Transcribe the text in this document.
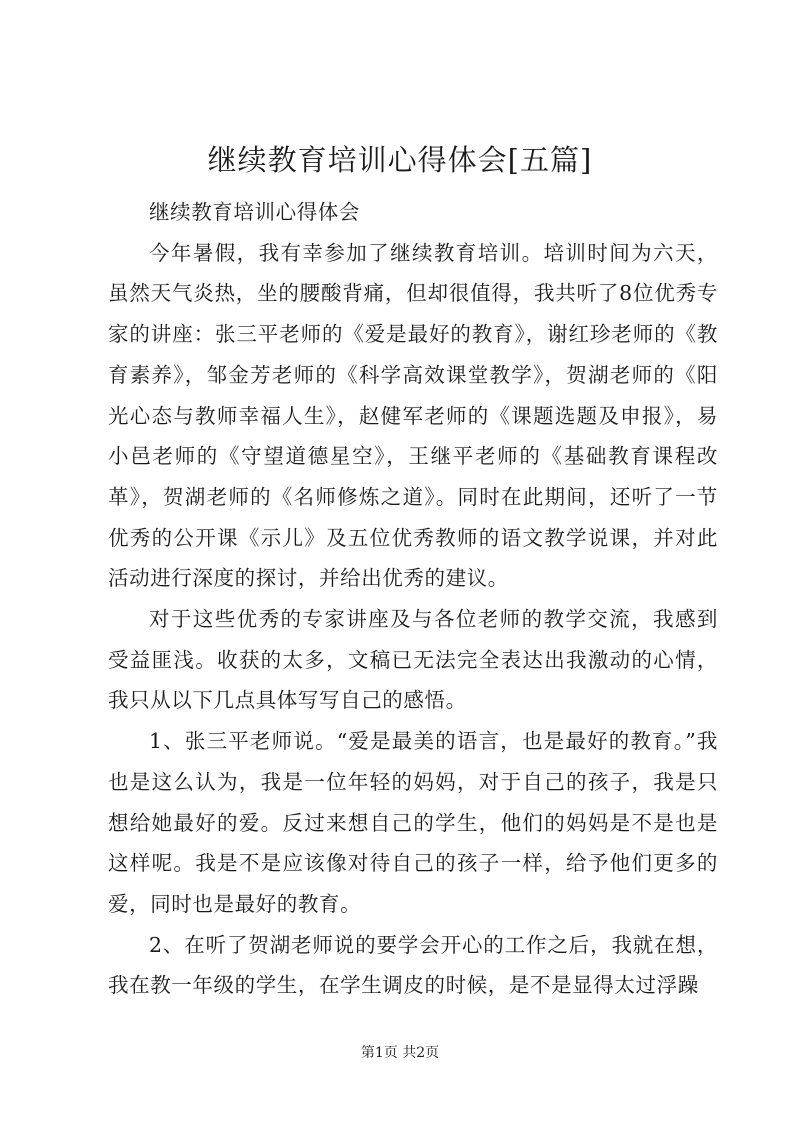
继续教育培训心得体会[五篇]

继续教育培训心得体会

今年暑假，我有幸参加了继续教育培训。培训时间为六天，虽然天气炎热，坐的腰酸背痛，但却很值得，我共听了8位优秀专家的讲座：张三平老师的《爱是最好的教育》，谢红珍老师的《教育素养》，邹金芳老师的《科学高效课堂教学》，贺湖老师的《阳光心态与教师幸福人生》，赵健军老师的《课题选题及申报》，易小邑老师的《守望道德星空》，王继平老师的《基础教育课程改革》，贺湖老师的《名师修炼之道》。同时在此期间，还听了一节优秀的公开课《示儿》及五位优秀教师的语文教学说课，并对此活动进行深度的探讨，并给出优秀的建议。

对于这些优秀的专家讲座及与各位老师的教学交流，我感到受益匪浅。收获的太多，文稿已无法完全表达出我激动的心情，我只从以下几点具体写写自己的感悟。

1、张三平老师说。“爱是最美的语言，也是最好的教育。”我也是这么认为，我是一位年轻的妈妈，对于自己的孩子，我是只想给她最好的爱。反过来想自己的学生，他们的妈妈是不是也是这样呢。我是不是应该像对待自己的孩子一样，给予他们更多的爱，同时也是最好的教育。

2、在听了贺湖老师说的要学会开心的工作之后，我就在想，我在教一年级的学生，在学生调皮的时候，是不是显得太过浮躁

第1页 共2页
